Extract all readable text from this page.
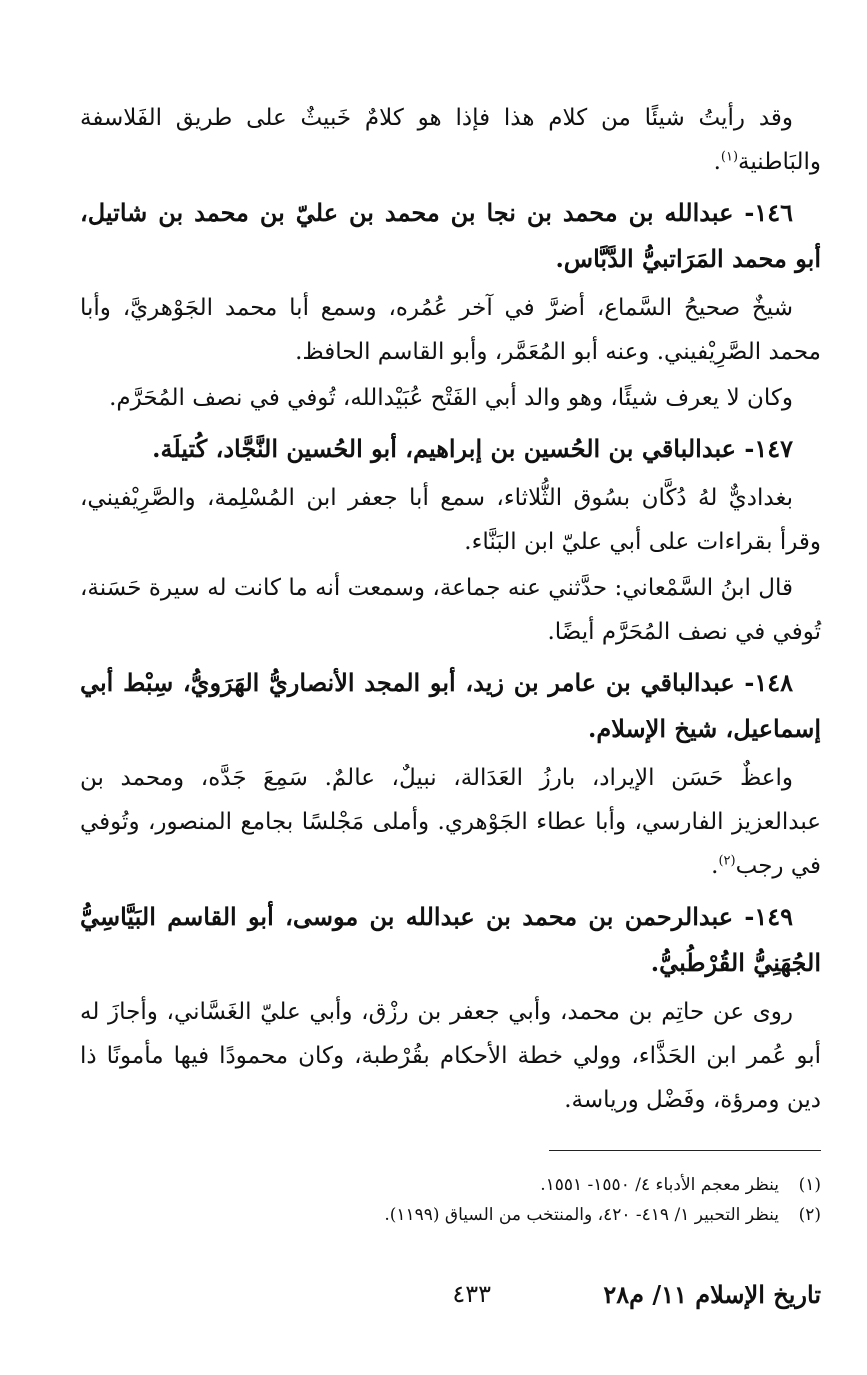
وقد رأيتُ شيئًا من كلام هذا فإذا هو كلامٌ خَبيثٌ على طريق الفَلاسفة والبَاطنية$^{(١)}$.

١٤٦- عبدالله بن محمد بن نجا بن محمد بن عليّ بن محمد بن شاتيل، أبو محمد المَرَاتبيُّ الدَّبَّاس.

شيخٌ صحيحُ السَّماع، أضرَّ في آخر عُمُره، وسمع أبا محمد الجَوْهريَّ، وأبا محمد الصَّرِيْفيني. وعنه أبو المُعَمَّر، وأبو القاسم الحافظ.

وكان لا يعرف شيئًا، وهو والد أبي الفَتْح عُبَيْدالله، تُوفي في نصف المُحَرَّم.

١٤٧- عبدالباقي بن الحُسين بن إبراهيم، أبو الحُسين النَّجَّاد، كُتيلَة.

بغداديٌّ لهُ دُكَّان بسُوق الثُّلاثاء، سمع أبا جعفر ابن المُسْلِمة، والصَّرِيْفيني، وقرأ بقراءات على أبي عليّ ابن البَنَّاء.

قال ابنُ السَّمْعاني: حدَّثني عنه جماعة، وسمعت أنه ما كانت له سيرة حَسَنة، تُوفي في نصف المُحَرَّم أيضًا.

١٤٨- عبدالباقي بن عامر بن زيد، أبو المجد الأنصاريُّ الهَرَويُّ، سِبْط أبي إسماعيل، شيخ الإسلام.

واعظٌ حَسَن الإيراد، بارزُ العَدَالة، نبيلٌ، عالمٌ. سَمِعَ جَدَّه، ومحمد بن عبدالعزيز الفارسي، وأبا عطاء الجَوْهري. وأملى مَجْلسًا بجامع المنصور، وتُوفي في رجب$^{(٢)}$.

١٤٩- عبدالرحمن بن محمد بن عبدالله بن موسى، أبو القاسم البَيَّاسِيُّ الجُهَنِيُّ القُرْطُبيُّ.

روى عن حاتِم بن محمد، وأبي جعفر بن رزْق، وأبي عليّ الغَسَّاني، وأجازَ له أبو عُمر ابن الحَذَّاء، وولي خطة الأحكام بقُرْطبة، وكان محمودًا فيها مأمونًا ذا دين ومرؤة، وفَضْل ورياسة.

(١)
ينظر معجم الأدباء ٤/ ١٥٥٠- ١٥٥١.
(٢)
ينظر التحبير ١/ ٤١٩- ٤٢٠، والمنتخب من السياق (١١٩٩).
تاريخ الإسلام ١١/ م٢٨
٤٣٣
